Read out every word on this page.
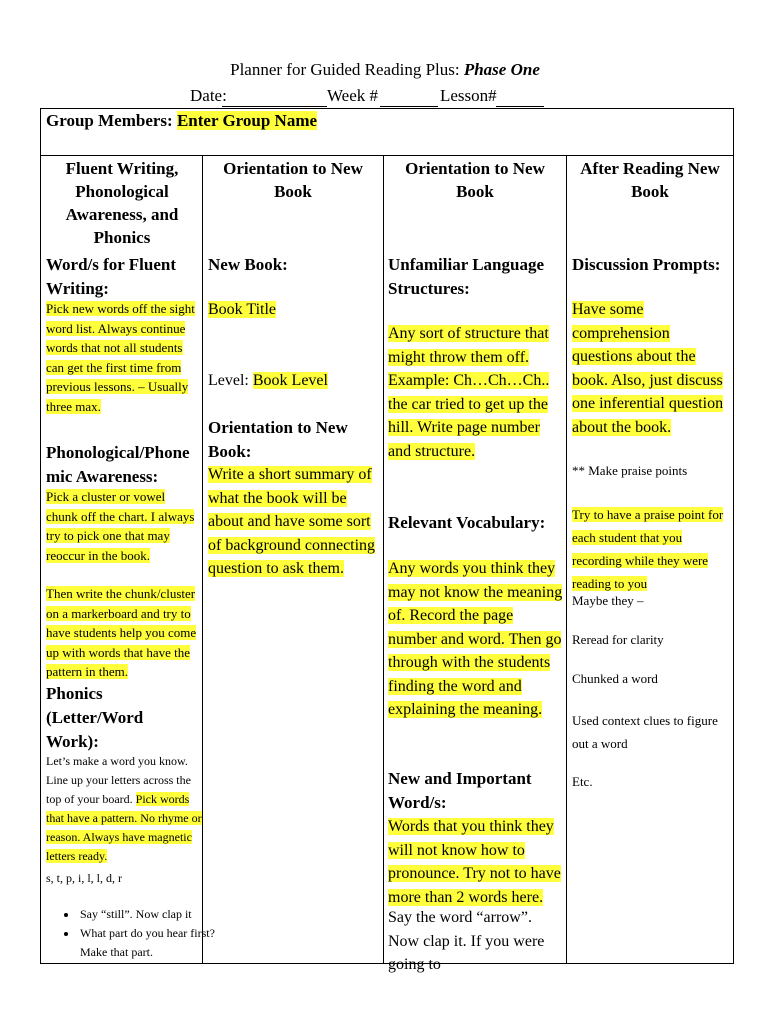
Planner for Guided Reading Plus: Phase One
Date:	Week #	Lesson#
Group Members: Enter Group Name
Fluent Writing, Phonological Awareness, and Phonics
Orientation to New Book
Orientation to New Book
After Reading New Book
Word/s for Fluent Writing:
Pick new words off the sight word list. Always continue words that not all students can get the first time from previous lessons. – Usually three max.
Phonological/Phonemic Awareness:
Pick a cluster or vowel chunk off the chart. I always try to pick one that may reoccur in the book.
Then write the chunk/cluster on a markerboard and try to have students help you come up with words that have the pattern in them.
Phonics (Letter/Word Work):
Let’s make a word you know. Line up your letters across the top of your board. Pick words that have a pattern. No rhyme or reason. Always have magnetic letters ready.
s, t, p, i, l, l, d, r
• Say “still”. Now clap it
• What part do you hear first? Make that part.
New Book:
Book Title
Level: Book Level
Orientation to New Book:
Write a short summary of what the book will be about and have some sort of background connecting question to ask them.
Unfamiliar Language Structures:
Any sort of structure that might throw them off. Example: Ch…Ch…Ch.. the car tried to get up the hill. Write page number and structure.
Relevant Vocabulary:
Any words you think they may not know the meaning of. Record the page number and word. Then go through with the students finding the word and explaining the meaning.
New and Important Word/s:
Words that you think they will not know how to pronounce. Try not to have more than 2 words here.
Say the word “arrow”. Now clap it. If you were going to
Discussion Prompts:
Have some comprehension questions about the book. Also, just discuss one inferential question about the book.
** Make praise points
Try to have a praise point for each student that you recording while they were reading to you
Maybe they –
Reread for clarity
Chunked a word
Used context clues to figure out a word
Etc.
